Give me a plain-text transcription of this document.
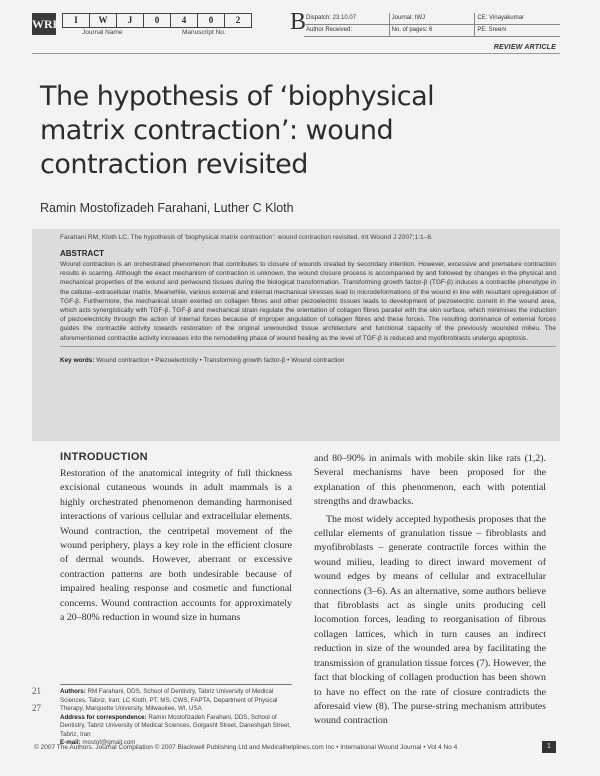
WRR	I	W	J	0	4	0	2
Journal Name	Manuscript No.	B Dispatch: 23.10.07	Journal: IWJ	CE: Vinayakumar
Author Received:	No. of pages: 6	PE: Sreeni
REVIEW ARTICLE
The hypothesis of ‘biophysical matrix contraction’: wound contraction revisited
Ramin Mostofizadeh Farahani, Luther C Kloth

Farahani RM, Kloth LC. The hypothesis of ‘biophysical matrix contraction’: wound contraction revisited. Int Wound J 2007;1:1–6.

ABSTRACT

Wound contraction is an orchestrated phenomenon that contributes to closure of wounds created by secondary intention. However, excessive and premature contraction results in scarring. Although the exact mechanism of contraction is unknown, the wound closure process is accompanied by and followed by changes in the physical and mechanical properties of the wound and periwound tissues during the biological transformation. Transforming growth factor-β (TGF-β) induces a contractile phenotype in the cellular–extracellular matrix. Meanwhile, various external and internal mechanical stresses lead to microdeformations of the wound in line with resultant upregulation of TGF-β. Furthermore, the mechanical strain exerted on collagen fibres and other piezoelectric tissues leads to development of piezoelectric current in the wound area, which acts synergistically with TGF-β. TGF-β and mechanical strain regulate the orientation of collagen fibres parallel with the skin surface, which minimises the induction of piezoelectricity through the action of internal forces because of improper angulation of collagen fibres and these forces. The resulting dominance of external forces guides the contractile activity towards restoration of the original unwounded tissue architecture and functional capacity of the previously wounded milieu. The aforementioned contractile activity increases into the remodelling phase of wound healing as the level of TGF-β is reduced and myofibroblasts undergo apoptosis.

Key words: Wound contraction • Piezoelectricity • Transforming growth factor-β • Wound contraction
INTRODUCTION

Restoration of the anatomical integrity of full thickness excisional cutaneous wounds in adult mammals is a highly orchestrated phenomenon demanding harmonised interactions of various cellular and extracellular elements. Wound contraction, the centripetal movement of the wound periphery, plays a key role in the efficient closure of dermal wounds. However, aberrant or excessive contraction patterns are both undesirable because of impaired healing response and cosmetic and functional concerns. Wound contraction accounts for approximately a 20–80% reduction in wound size in humans

and 80–90% in animals with mobile skin like rats (1,2). Several mechanisms have been proposed for the explanation of this phenomenon, each with potential strengths and drawbacks.

The most widely accepted hypothesis proposes that the cellular elements of granulation tissue – fibroblasts and myofibroblasts – generate contractile forces within the wound milieu, leading to direct inward movement of wound edges by means of cellular and extracellular connections (3–6). As an alternative, some authors believe that fibroblasts act as single units producing cell locomotion forces, leading to reorganisation of fibrous collagen lattices, which in turn causes an indirect reduction in size of the wounded area by facilitating the transmission of granulation tissue forces (7). However, the fact that blocking of collagen production has been shown to have no effect on the rate of closure contradicts the aforesaid view (8). The purse-string mechanism attributes wound contraction

Authors: RM Farahani, DDS, School of Dentistry, Tabriz University of Medical Sciences, Tabriz, Iran; LC Kloth, PT, MS, CWS, FAPTA, Department of Physical Therapy, Marquette University, Milwaukee, WI, USA

Address for correspondence: Ramin Mostofizadeh Farahani, DDS, School of Dentistry, Tabriz University of Medical Sciences, Golgasht Street, Daneshgah Street, Tabriz, Iran

E-mail: mostof@gmail.com

21
27
© 2007 The Authors. Journal Compilation © 2007 Blackwell Publishing Ltd and Medicalhelplines.com Inc • International Wound Journal • Vol 4 No 4	1
